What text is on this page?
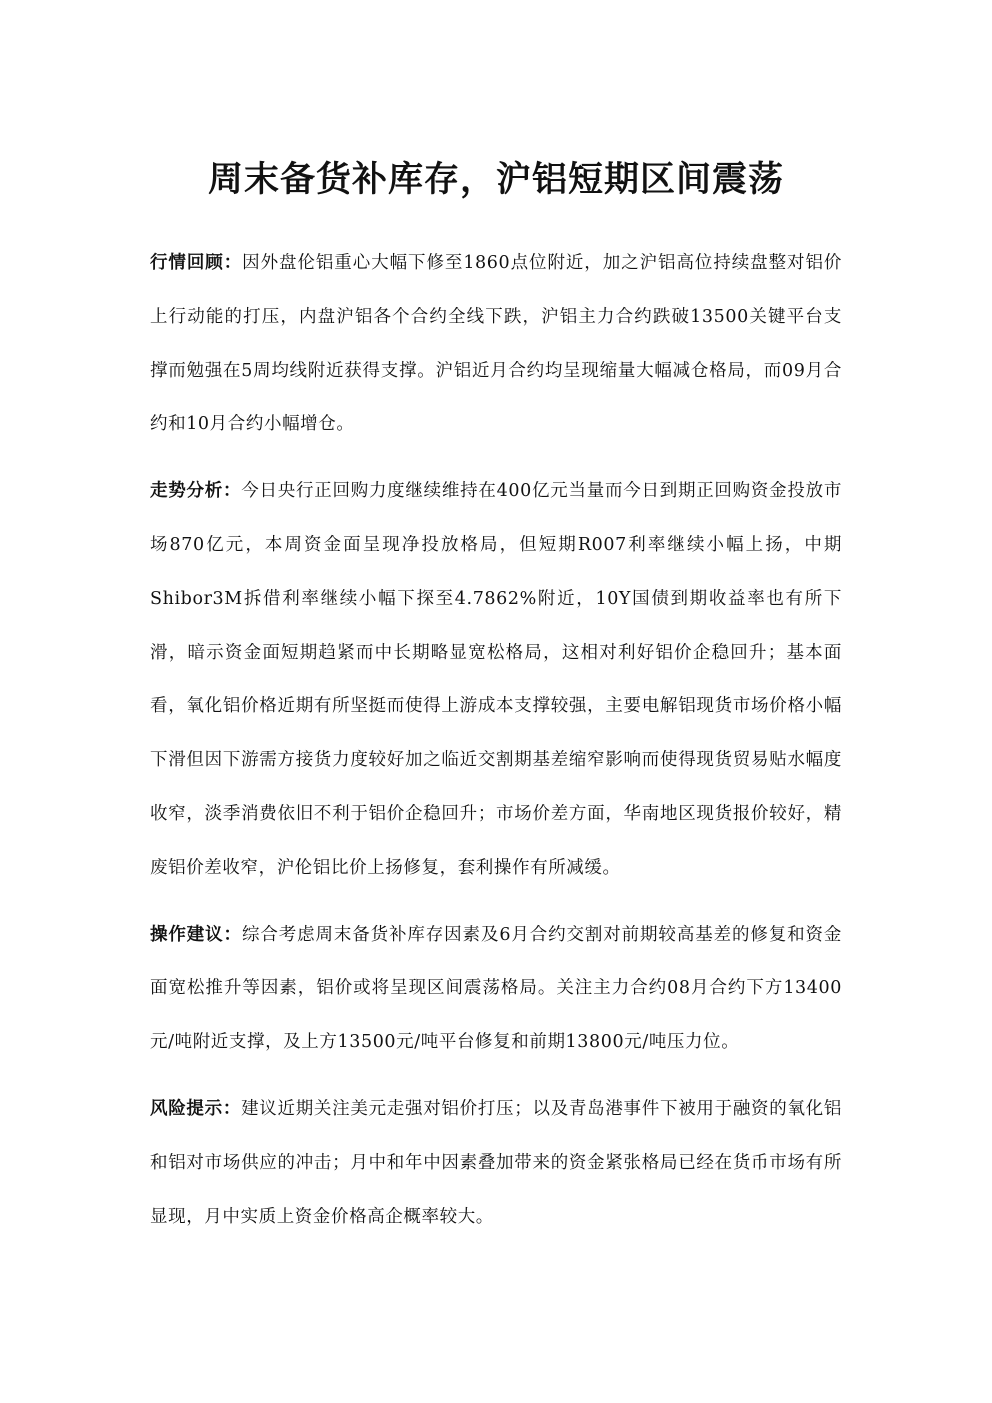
周末备货补库存，沪铝短期区间震荡

行情回顾：因外盘伦铝重心大幅下修至1860点位附近，加之沪铝高位持续盘整对铝价上行动能的打压，内盘沪铝各个合约全线下跌，沪铝主力合约跌破13500关键平台支撑而勉强在5周均线附近获得支撑。沪铝近月合约均呈现缩量大幅减仓格局，而09月合约和10月合约小幅增仓。

走势分析：今日央行正回购力度继续维持在400亿元当量而今日到期正回购资金投放市场870亿元，本周资金面呈现净投放格局，但短期R007利率继续小幅上扬，中期Shibor3M拆借利率继续小幅下探至4.7862%附近，10Y国债到期收益率也有所下滑，暗示资金面短期趋紧而中长期略显宽松格局，这相对利好铝价企稳回升；基本面看，氧化铝价格近期有所坚挺而使得上游成本支撑较强，主要电解铝现货市场价格小幅下滑但因下游需方接货力度较好加之临近交割期基差缩窄影响而使得现货贸易贴水幅度收窄，淡季消费依旧不利于铝价企稳回升；市场价差方面，华南地区现货报价较好，精废铝价差收窄，沪伦铝比价上扬修复，套利操作有所减缓。

操作建议：综合考虑周末备货补库存因素及6月合约交割对前期较高基差的修复和资金面宽松推升等因素，铝价或将呈现区间震荡格局。关注主力合约08月合约下方13400元/吨附近支撑，及上方13500元/吨平台修复和前期13800元/吨压力位。

风险提示：建议近期关注美元走强对铝价打压；以及青岛港事件下被用于融资的氧化铝和铝对市场供应的冲击；月中和年中因素叠加带来的资金紧张格局已经在货币市场有所显现，月中实质上资金价格高企概率较大。
